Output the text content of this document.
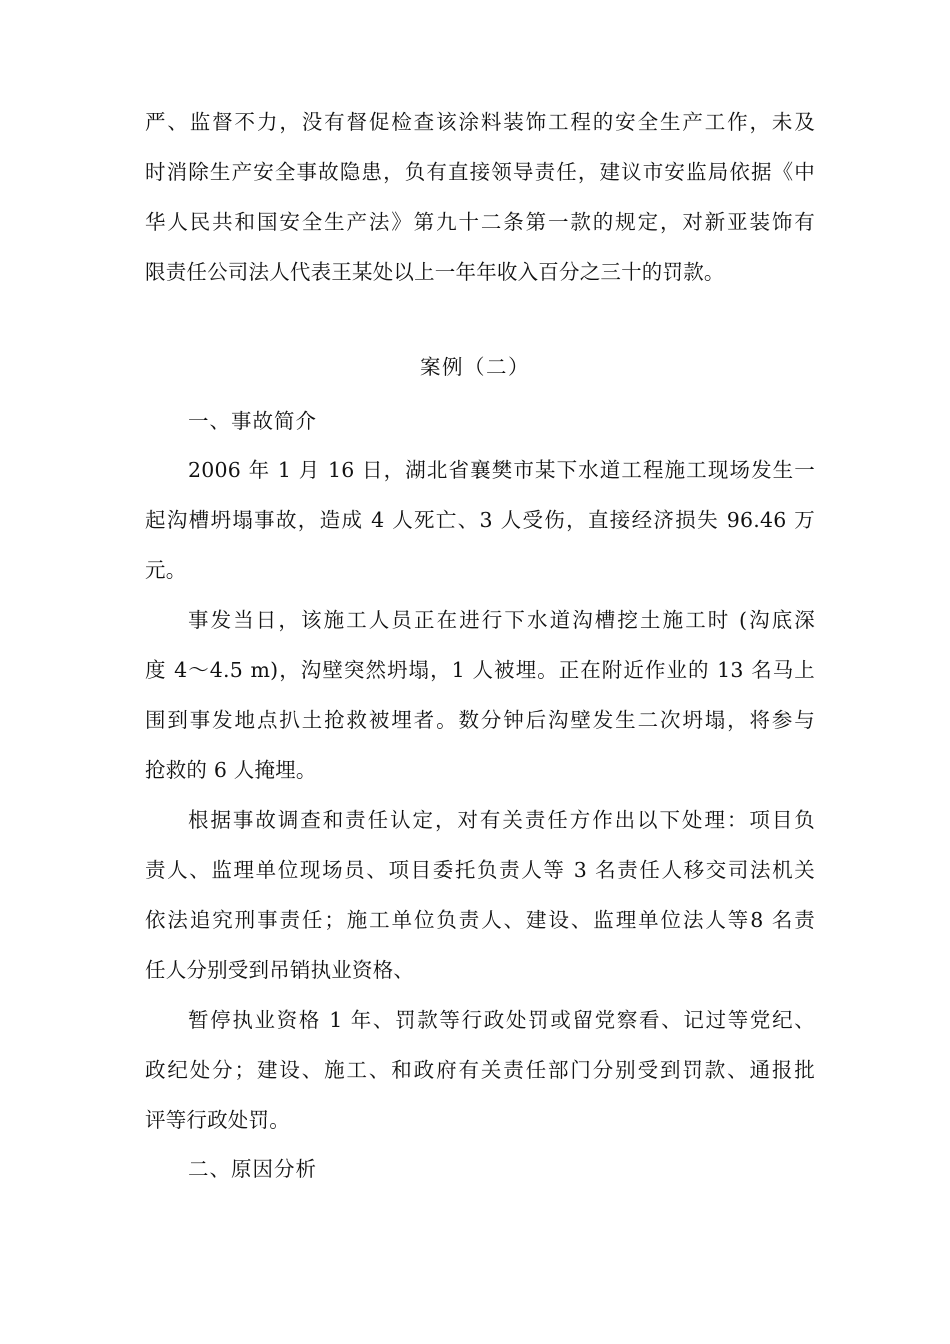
严、监督不力，没有督促检查该涂料装饰工程的安全生产工作，未及
时消除生产安全事故隐患，负有直接领导责任，建议市安监局依据《中
华人民共和国安全生产法》第九十二条第一款的规定，对新亚装饰有
限责任公司法人代表王某处以上一年年收入百分之三十的罚款。
案例（二）
一、事故简介
2006 年 1 月 16 日，湖北省襄樊市某下水道工程施工现场发生一
起沟槽坍塌事故，造成 4 人死亡、3 人受伤，直接经济损失 96.46 万
元。
事发当日，该施工人员正在进行下水道沟槽挖土施工时 (沟底深
度 4～4.5 m)，沟壁突然坍塌，1 人被埋。正在附近作业的 13 名马上
围到事发地点扒土抢救被埋者。数分钟后沟壁发生二次坍塌，将参与
抢救的 6 人掩埋。
根据事故调查和责任认定，对有关责任方作出以下处理：项目负
责人、监理单位现场员、项目委托负责人等 3 名责任人移交司法机关
依法追究刑事责任；施工单位负责人、建设、监理单位法人等8 名责
任人分别受到吊销执业资格、
暂停执业资格 1 年、罚款等行政处罚或留党察看、记过等党纪、
政纪处分；建设、施工、和政府有关责任部门分别受到罚款、通报批
评等行政处罚。
二、原因分析
